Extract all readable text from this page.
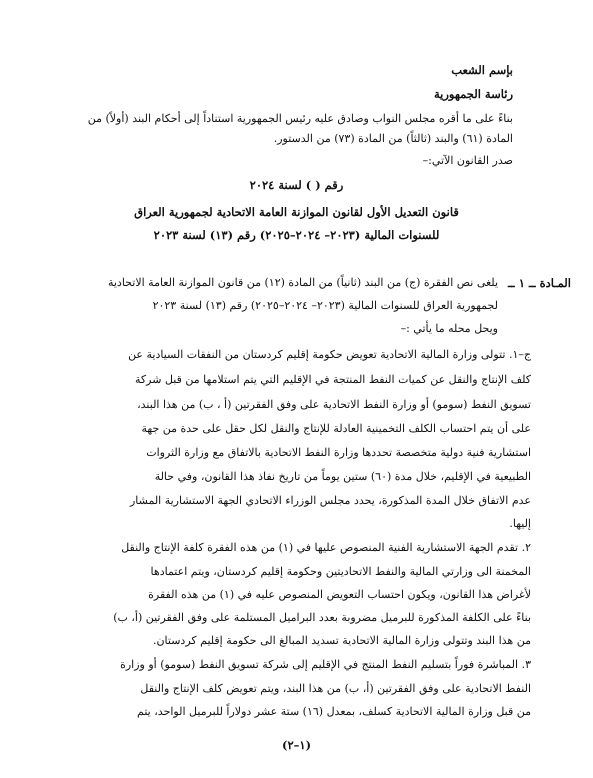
بإسم الشعب

رئاسة الجمهورية

بناءً على ما أقره مجلس النواب وصادق عليه رئيس الجمهورية استناداً إلى أحكام البند (أولاً) من

المادة (٦١) والبند (ثالثاً) من المادة (٧٣) من الدستور.

صدر القانون الآتي:–

رقم ( ) لسنة ٢٠٢٤

قانون التعديل الأول لقانون الموازنة العامة الاتحادية لجمهورية العراق

للسنوات المالية (٢٠٢٣– ٢٠٢٤–٢٠٢٥) رقم (١٣) لسنة ٢٠٢٣

المـادة ــ ١ ــ

يلغى نص الفقرة (ج) من البند (ثانياً) من المادة (١٢) من قانون الموازنة العامة الاتحادية

لجمهورية العراق للسنوات المالية (٢٠٢٣– ٢٠٢٤–٢٠٢٥) رقم (١٣) لسنة ٢٠٢٣

ويحل محله ما يأتي :–

ج–١. تتولى وزارة المالية الاتحادية تعويض حكومة إقليم كردستان من النفقات السيادية عن

كلف الإنتاج والنقل عن كميات النفط المنتجة في الإقليم التي يتم استلامها من قبل شركة

تسويق النفط (سومو) أو وزارة النفط الاتحادية على وفق الفقرتين (أ ، ب) من هذا البند،

على أن يتم احتساب الكلف التخمينية العادلة للإنتاج والنقل لكل حقل على حدة من جهة

استشارية فنية دولية متخصصة تحددها وزارة النفط الاتحادية بالاتفاق مع وزارة الثروات

الطبيعية في الإقليم، خلال مدة (٦٠) ستين يوماً من تاريخ نفاذ هذا القانون، وفي حالة

عدم الاتفاق خلال المدة المذكورة، يحدد مجلس الوزراء الاتحادي الجهة الاستشارية المشار

إليها.

٢. تقدم الجهة الاستشارية الفنية المنصوص عليها في (١) من هذه الفقرة كلفة الإنتاج والنقل

المخمنة الى وزارتي المالية والنفط الاتحاديتين وحكومة إقليم كردستان، ويتم اعتمادها

لأغراض هذا القانون، ويكون احتساب التعويض المنصوص عليه في (١) من هذه الفقرة

بناءً على الكلفة المذكورة للبرميل مضروبة بعدد البراميل المستلمة على وفق الفقرتين (أ، ب)

من هذا البند وتتولى وزارة المالية الاتحادية تسديد المبالغ الى حكومة إقليم كردستان.

٣. المباشرة فوراً بتسليم النفط المنتج في الإقليم إلى شركة تسويق النفط (سومو) أو وزارة

النفط الاتحادية على وفق الفقرتين (أ، ب) من هذا البند، ويتم تعويض كلف الإنتاج والنقل

من قبل وزارة المالية الاتحادية كسلف، بمعدل (١٦) ستة عشر دولاراً للبرميل الواحد، يتم

(١–٢)
